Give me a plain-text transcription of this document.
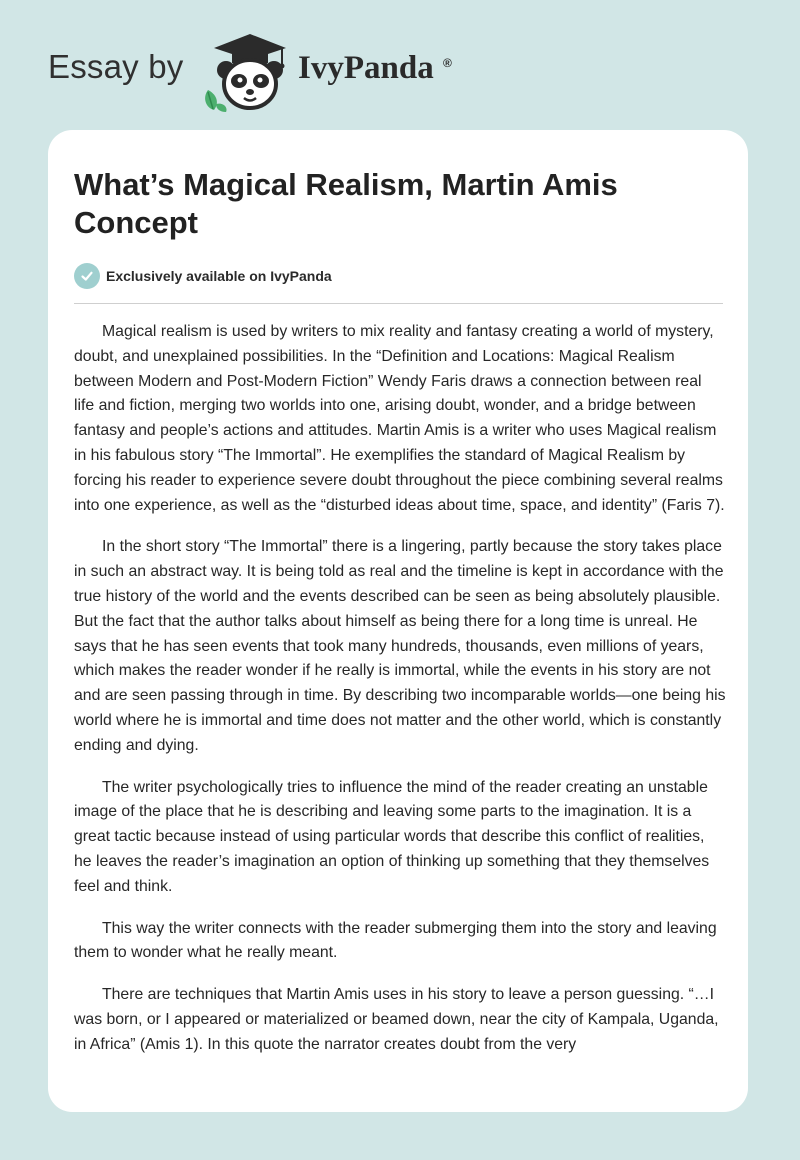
Essay by	IvyPanda ®
What’s Magical Realism, Martin Amis Concept
Exclusively available on IvyPanda

Magical realism is used by writers to mix reality and fantasy creating a world of mystery, doubt, and unexplained possibilities. In the “Definition and Locations: Magical Realism between Modern and Post-Modern Fiction” Wendy Faris draws a connection between real life and fiction, merging two worlds into one, arising doubt, wonder, and a bridge between fantasy and people’s actions and attitudes. Martin Amis is a writer who uses Magical realism in his fabulous story “The Immortal”. He exemplifies the standard of Magical Realism by forcing his reader to experience severe doubt throughout the piece combining several realms into one experience, as well as the “disturbed ideas about time, space, and identity” (Faris 7).

In the short story “The Immortal” there is a lingering, partly because the story takes place in such an abstract way. It is being told as real and the timeline is kept in accordance with the true history of the world and the events described can be seen as being absolutely plausible. But the fact that the author talks about himself as being there for a long time is unreal. He says that he has seen events that took many hundreds, thousands, even millions of years, which makes the reader wonder if he really is immortal, while the events in his story are not and are seen passing through in time. By describing two incomparable worlds—one being his world where he is immortal and time does not matter and the other world, which is constantly ending and dying.

The writer psychologically tries to influence the mind of the reader creating an unstable image of the place that he is describing and leaving some parts to the imagination. It is a great tactic because instead of using particular words that describe this conflict of realities, he leaves the reader’s imagination an option of thinking up something that they themselves feel and think.

This way the writer connects with the reader submerging them into the story and leaving them to wonder what he really meant.

There are techniques that Martin Amis uses in his story to leave a person guessing. “…I was born, or I appeared or materialized or beamed down, near the city of Kampala, Uganda, in Africa” (Amis 1). In this quote the narrator creates doubt from the very
